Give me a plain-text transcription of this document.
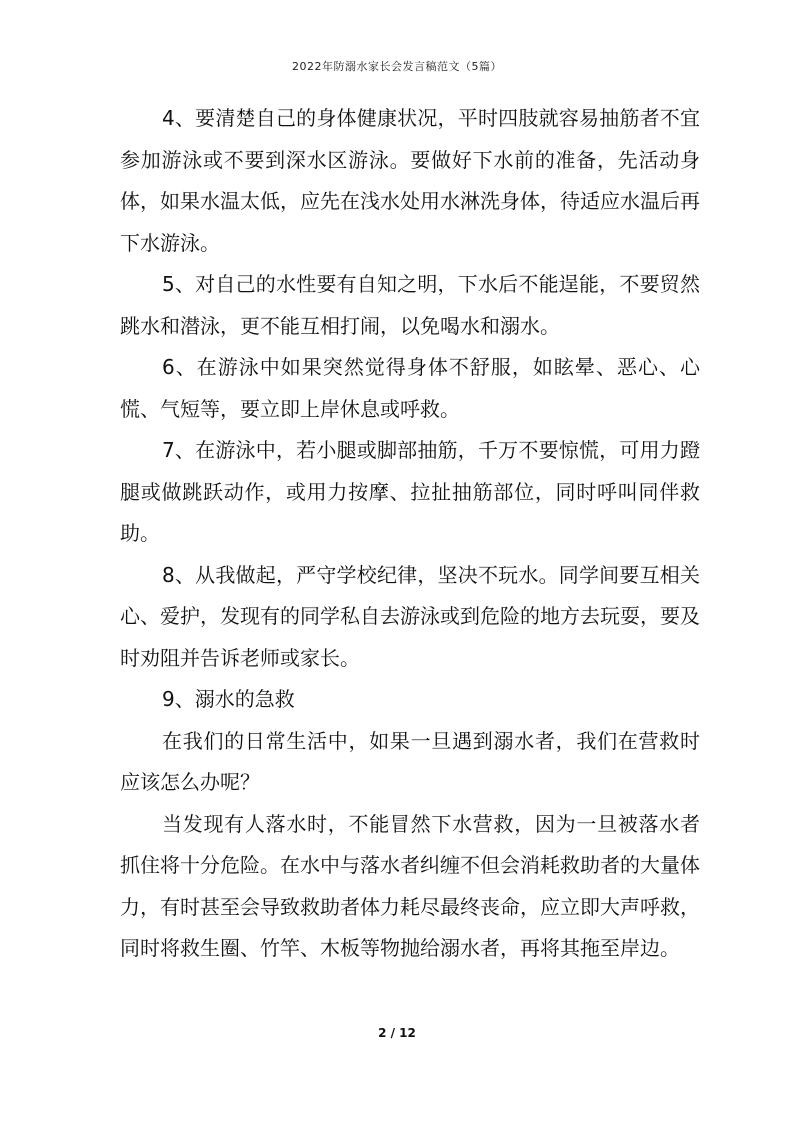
2022年防溺水家长会发言稿范文（5篇）

4、要清楚自己的身体健康状况，平时四肢就容易抽筋者不宜参加游泳或不要到深水区游泳。要做好下水前的准备，先活动身体，如果水温太低，应先在浅水处用水淋洗身体，待适应水温后再下水游泳。

5、对自己的水性要有自知之明，下水后不能逞能，不要贸然跳水和潜泳，更不能互相打闹，以免喝水和溺水。

6、在游泳中如果突然觉得身体不舒服，如眩晕、恶心、心慌、气短等，要立即上岸休息或呼救。

7、在游泳中，若小腿或脚部抽筋，千万不要惊慌，可用力蹬腿或做跳跃动作，或用力按摩、拉扯抽筋部位，同时呼叫同伴救助。

8、从我做起，严守学校纪律，坚决不玩水。同学间要互相关心、爱护，发现有的同学私自去游泳或到危险的地方去玩耍，要及时劝阻并告诉老师或家长。

9、溺水的急救

在我们的日常生活中，如果一旦遇到溺水者，我们在营救时应该怎么办呢？

当发现有人落水时，不能冒然下水营救，因为一旦被落水者抓住将十分危险。在水中与落水者纠缠不但会消耗救助者的大量体力，有时甚至会导致救助者体力耗尽最终丧命，应立即大声呼救，同时将救生圈、竹竿、木板等物抛给溺水者，再将其拖至岸边。

2 / 12
